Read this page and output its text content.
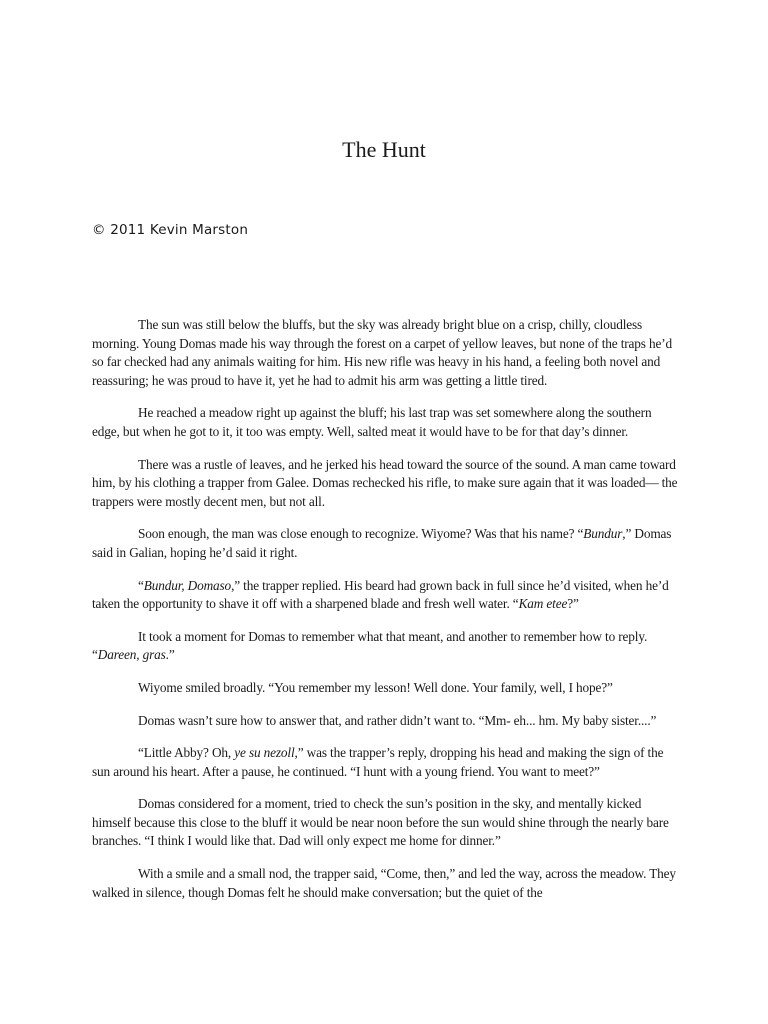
The Hunt

© 2011 Kevin Marston

The sun was still below the bluffs, but the sky was already bright blue on a crisp, chilly, cloudless morning. Young Domas made his way through the forest on a carpet of yellow leaves, but none of the traps he’d so far checked had any animals waiting for him. His new rifle was heavy in his hand, a feeling both novel and reassuring; he was proud to have it, yet he had to admit his arm was getting a little tired.

He reached a meadow right up against the bluff; his last trap was set somewhere along the southern edge, but when he got to it, it too was empty. Well, salted meat it would have to be for that day’s dinner.

There was a rustle of leaves, and he jerked his head toward the source of the sound. A man came toward him, by his clothing a trapper from Galee. Domas rechecked his rifle, to make sure again that it was loaded— the trappers were mostly decent men, but not all.

Soon enough, the man was close enough to recognize. Wiyome? Was that his name? “Bundur,” Domas said in Galian, hoping he’d said it right.

“Bundur, Domaso,” the trapper replied. His beard had grown back in full since he’d visited, when he’d taken the opportunity to shave it off with a sharpened blade and fresh well water. “Kam etee?”

It took a moment for Domas to remember what that meant, and another to remember how to reply. “Dareen, gras.”

Wiyome smiled broadly. “You remember my lesson! Well done. Your family, well, I hope?”

Domas wasn’t sure how to answer that, and rather didn’t want to. “Mm- eh... hm. My baby sister....”

“Little Abby? Oh, ye su nezoll,” was the trapper’s reply, dropping his head and making the sign of the sun around his heart. After a pause, he continued. “I hunt with a young friend. You want to meet?”

Domas considered for a moment, tried to check the sun’s position in the sky, and mentally kicked himself because this close to the bluff it would be near noon before the sun would shine through the nearly bare branches. “I think I would like that. Dad will only expect me home for dinner.”

With a smile and a small nod, the trapper said, “Come, then,” and led the way, across the meadow. They walked in silence, though Domas felt he should make conversation; but the quiet of the
